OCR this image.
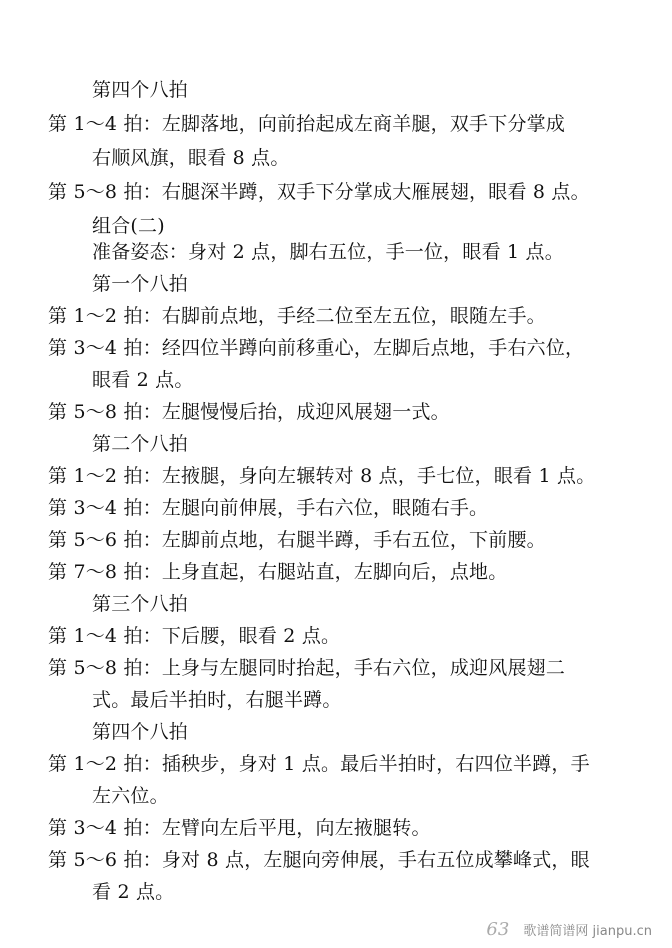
第四个八拍
第 1～4 拍：左脚落地，向前抬起成左商羊腿，双手下分掌成
右顺风旗，眼看 8 点。
第 5～8 拍：右腿深半蹲，双手下分掌成大雁展翅，眼看 8 点。
组合(二)
准备姿态：身对 2 点，脚右五位，手一位，眼看 1 点。
第一个八拍
第 1～2 拍：右脚前点地，手经二位至左五位，眼随左手。
第 3～4 拍：经四位半蹲向前移重心，左脚后点地，手右六位，
眼看 2 点。
第 5～8 拍：左腿慢慢后抬，成迎风展翅一式。
第二个八拍
第 1～2 拍：左掖腿，身向左辗转对 8 点，手七位，眼看 1 点。
第 3～4 拍：左腿向前伸展，手右六位，眼随右手。
第 5～6 拍：左脚前点地，右腿半蹲，手右五位，下前腰。
第 7～8 拍：上身直起，右腿站直，左脚向后，点地。
第三个八拍
第 1～4 拍：下后腰，眼看 2 点。
第 5～8 拍：上身与左腿同时抬起，手右六位，成迎风展翅二
式。最后半拍时，右腿半蹲。
第四个八拍
第 1～2 拍：插秧步，身对 1 点。最后半拍时，右四位半蹲，手
左六位。
第 3～4 拍：左臂向左后平甩，向左掖腿转。
第 5～6 拍：身对 8 点，左腿向旁伸展，手右五位成攀峰式，眼
看 2 点。
63 歌谱简谱网 jianpu.cn
